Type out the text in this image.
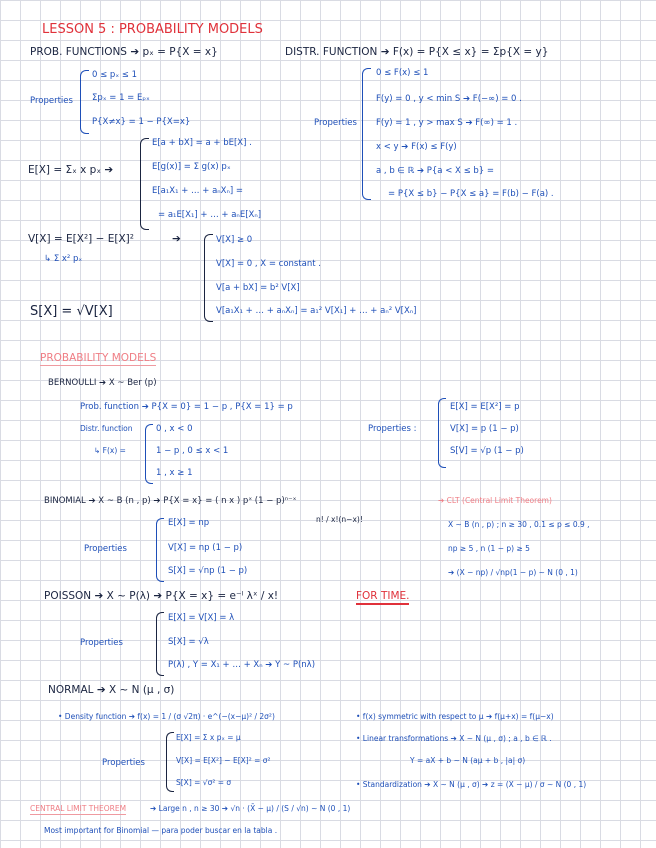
LESSON 5 : PROBABILITY MODELS
PROB. FUNCTIONS ➔ pₓ = P{X = x}
Properties
0 ≤ pₓ ≤ 1
Σpₓ = 1 = Eₚₓ
P{X≠x} = 1 − P{X=x}
DISTR. FUNCTION ➔ F(x) = P{X ≤ x} = Σp{X = y}
Properties
0 ≤ F(x) ≤ 1
F(y) = 0 , y < min S ➔ F(−∞) = 0 .
F(y) = 1 , y > max S ➔ F(∞) = 1 .
x < y ➔ F(x) ≤ F(y)
a , b ∈ ℝ ➔ P{a < X ≤ b} =
= P{X ≤ b} − P{X ≤ a} = F(b) − F(a) .
E[X] = Σₓ x pₓ ➔
E[a + bX] = a + bE[X] .
E[g(x)] = Σ g(x) pₓ
E[a₁X₁ + … + aₙXₙ] =
= a₁E[X₁] + … + aₙE[Xₙ]
V[X] = E[X²] − E[X]²
↳ Σ x² pₓ
➔	V[X] ≥ 0
V[X] = 0 , X = constant .
V[a + bX] = b² V[X]
V[a₁X₁ + … + aₙXₙ] = a₁² V[X₁] + … + aₙ² V[Xₙ]
S[X] = √V[X]
PROBABILITY MODELS
BERNOULLI ➔ X ~ Ber (p)
Prob. function ➔ P{X = 0} = 1 − p , P{X = 1} = p
Distr. function
↳ F(x) =
0 , x < 0
1 − p , 0 ≤ x < 1
1 , x ≥ 1
Properties :
E[X] = E[X²] = p
V[X] = p (1 − p)
S[V] = √p (1 − p)
BINOMIAL ➔ X ~ B (n , p) ➔ P{X = x} = ( n x ) pˣ (1 − p)ⁿ⁻ˣ
n! / x!(n−x)!
Properties
E[X] = np
V[X] = np (1 − p)
S[X] = √np (1 − p)
➔ CLT (Central Limit Theorem)
X ~ B (n , p) ; n ≥ 30 , 0.1 ≤ p ≤ 0.9 ,
np ≥ 5 , n (1 − p) ≥ 5
➔ (X − np) / √np(1 − p) ~ N (0 , 1)
POISSON ➔ X ~ P(λ) ➔ P{X = x} = e⁻ˡ λˣ / x!	FOR TIME.
Properties
E[X] = V[X] = λ
S[X] = √λ
P(λ) , Y = X₁ + … + Xₙ ➔ Y ~ P(nλ)
NORMAL ➔ X ~ N (μ , σ)
• Density function ➔ f(x) = 1 / (σ √2π) · e^(−(x−μ)² / 2σ²)
Properties
E[X] = Σ x pₓ = μ
V[X] = E[X²] − E[X]² = σ²
S[X] = √σ² = σ
• f(x) symmetric with respect to μ ➔ f(μ+x) = f(μ−x)
• Linear transformations ➔ X ~ N (μ , σ) ; a , b ∈ ℝ .
Y = aX + b ~ N (aμ + b , |a| σ)
• Standardization ➔ X ~ N (μ , σ) ➔ z = (X − μ) / σ ~ N (0 , 1)
CENTRAL LIMIT THEOREM	➔ Large n , n ≥ 30 ➔ √n · (X̄ − μ) / (S / √n) ~ N (0 , 1)
Most important for Binomial — para poder buscar en la tabla .
